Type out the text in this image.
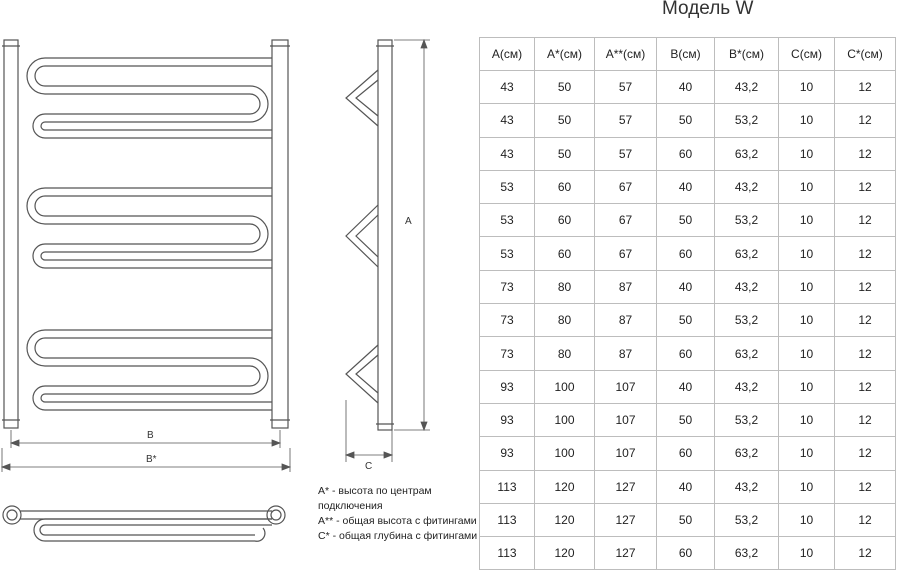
A
B
B*
C
A* - высота по центрам подключения
A** - общая высота с фитингами
C* - общая глубина с фитингами
Модель W
A(см)	A*(см)	A**(см)	B(см)	B*(см)	C(см)	C*(см)
43	50	57	40	43,2	10	12
43	50	57	50	53,2	10	12
43	50	57	60	63,2	10	12
53	60	67	40	43,2	10	12
53	60	67	50	53,2	10	12
53	60	67	60	63,2	10	12
73	80	87	40	43,2	10	12
73	80	87	50	53,2	10	12
73	80	87	60	63,2	10	12
93	100	107	40	43,2	10	12
93	100	107	50	53,2	10	12
93	100	107	60	63,2	10	12
113	120	127	40	43,2	10	12
113	120	127	50	53,2	10	12
113	120	127	60	63,2	10	12
